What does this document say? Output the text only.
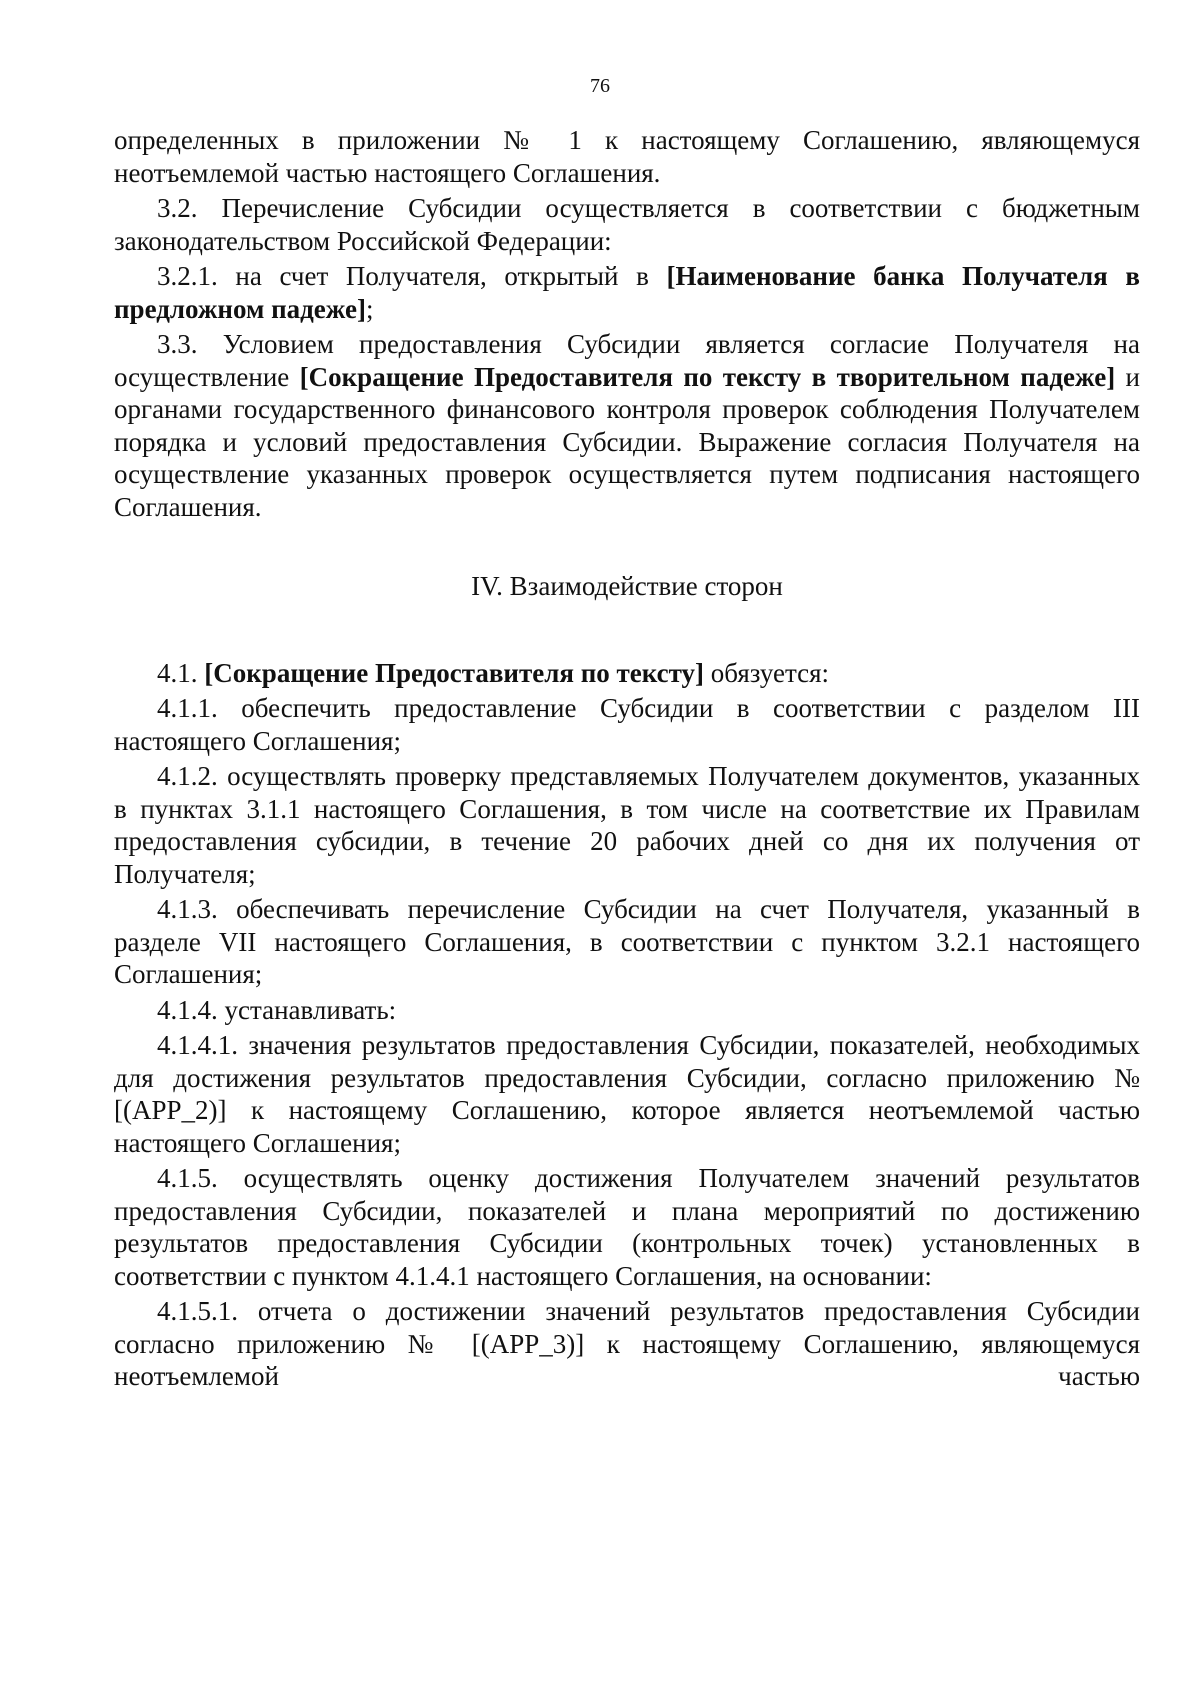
76

определенных в приложении № 1 к настоящему Соглашению, являющемуся неотъемлемой частью настоящего Соглашения.

3.2. Перечисление Субсидии осуществляется в соответствии с бюджетным законодательством Российской Федерации:

3.2.1. на счет Получателя, открытый в [Наименование банка Получателя в предложном падеже];

3.3. Условием предоставления Субсидии является согласие Получателя на осуществление [Сокращение Предоставителя по тексту в творительном падеже] и органами государственного финансового контроля проверок соблюдения Получателем порядка и условий предоставления Субсидии. Выражение согласия Получателя на осуществление указанных проверок осуществляется путем подписания настоящего Соглашения.

IV. Взаимодействие сторон

4.1. [Сокращение Предоставителя по тексту] обязуется:

4.1.1. обеспечить предоставление Субсидии в соответствии с разделом III настоящего Соглашения;

4.1.2. осуществлять проверку представляемых Получателем документов, указанных в пунктах 3.1.1 настоящего Соглашения, в том числе на соответствие их Правилам предоставления субсидии, в течение 20 рабочих дней со дня их получения от Получателя;

4.1.3. обеспечивать перечисление Субсидии на счет Получателя, указанный в разделе VII настоящего Соглашения, в соответствии с пунктом 3.2.1 настоящего Соглашения;

4.1.4. устанавливать:

4.1.4.1. значения результатов предоставления Субсидии, показателей, необходимых для достижения результатов предоставления Субсидии, согласно приложению № [(APP_2)] к настоящему Соглашению, которое является неотъемлемой частью настоящего Соглашения;

4.1.5. осуществлять оценку достижения Получателем значений результатов предоставления Субсидии, показателей и плана мероприятий по достижению результатов предоставления Субсидии (контрольных точек) установленных в соответствии с пунктом 4.1.4.1 настоящего Соглашения, на основании:

4.1.5.1. отчета о достижении значений результатов предоставления Субсидии согласно приложению № [(APP_3)] к настоящему Соглашению, являющемуся неотъемлемой частью
